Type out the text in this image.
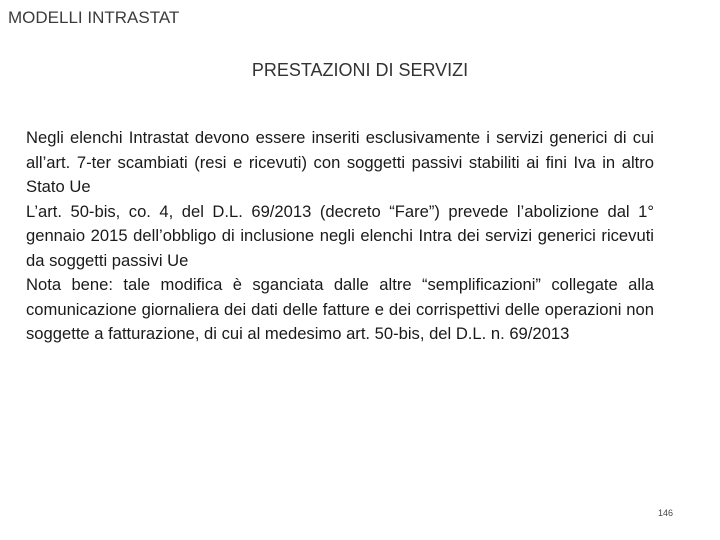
MODELLI INTRASTAT
PRESTAZIONI DI SERVIZI

Negli elenchi Intrastat devono essere inseriti esclusivamente i servizi generici di cui all’art. 7-ter scambiati (resi e ricevuti) con soggetti passivi stabiliti ai fini Iva in altro Stato Ue

L’art. 50-bis, co. 4, del D.L. 69/2013 (decreto “Fare”) prevede l’abolizione dal 1° gennaio 2015 dell’obbligo di inclusione negli elenchi Intra dei servizi generici ricevuti da soggetti passivi Ue

Nota bene: tale modifica è sganciata dalle altre “semplificazioni” collegate alla comunicazione giornaliera dei dati delle fatture e dei corrispettivi delle operazioni non soggette a fatturazione, di cui al medesimo art. 50-bis, del D.L. n. 69/2013

146
